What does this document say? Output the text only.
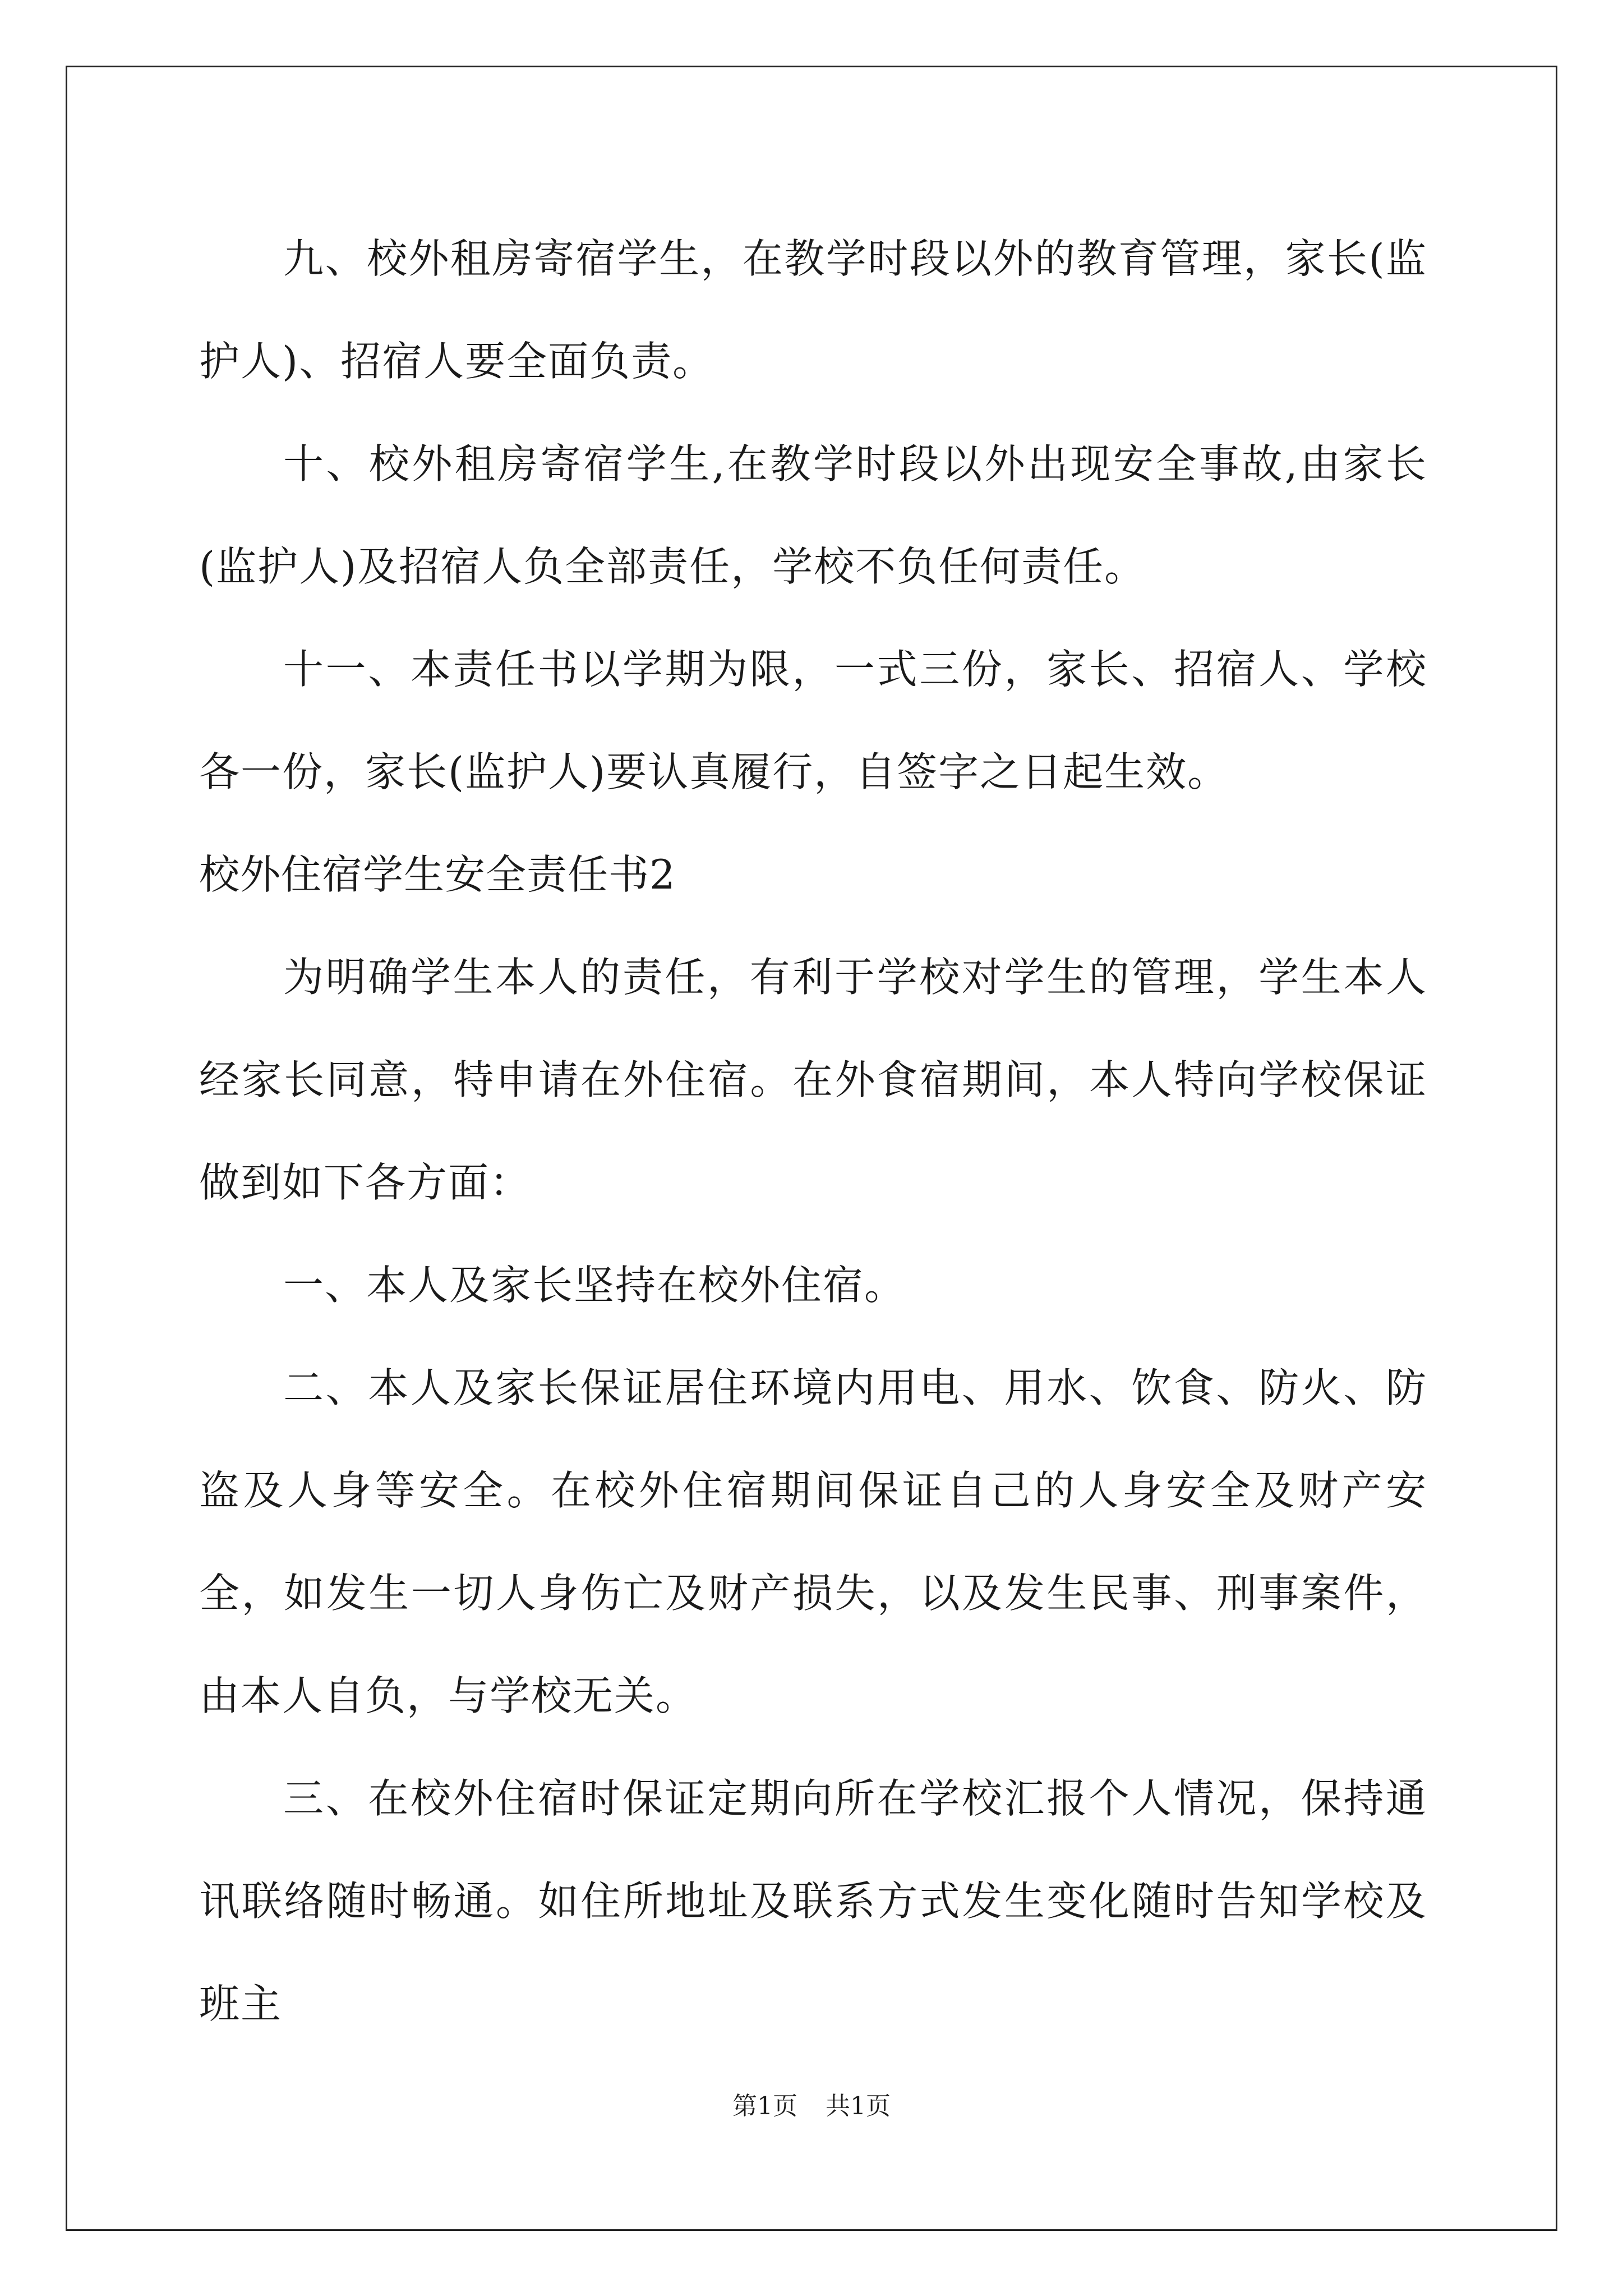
九、校外租房寄宿学生，在教学时段以外的教育管理，家长(监护人)、招宿人要全面负责。

十、校外租房寄宿学生,在教学时段以外出现安全事故,由家长(监护人)及招宿人负全部责任，学校不负任何责任。

十一、本责任书以学期为限，一式三份，家长、招宿人、学校各一份，家长(监护人)要认真履行，自签字之日起生效。

校外住宿学生安全责任书2

为明确学生本人的责任，有利于学校对学生的管理，学生本人经家长同意，特申请在外住宿。在外食宿期间，本人特向学校保证做到如下各方面：

一、本人及家长坚持在校外住宿。

二、本人及家长保证居住环境内用电、用水、饮食、防火、防盗及人身等安全。在校外住宿期间保证自己的人身安全及财产安全，如发生一切人身伤亡及财产损失，以及发生民事、刑事案件，由本人自负，与学校无关。

三、在校外住宿时保证定期向所在学校汇报个人情况，保持通讯联络随时畅通。如住所地址及联系方式发生变化随时告知学校及班主

第1页 共1页
